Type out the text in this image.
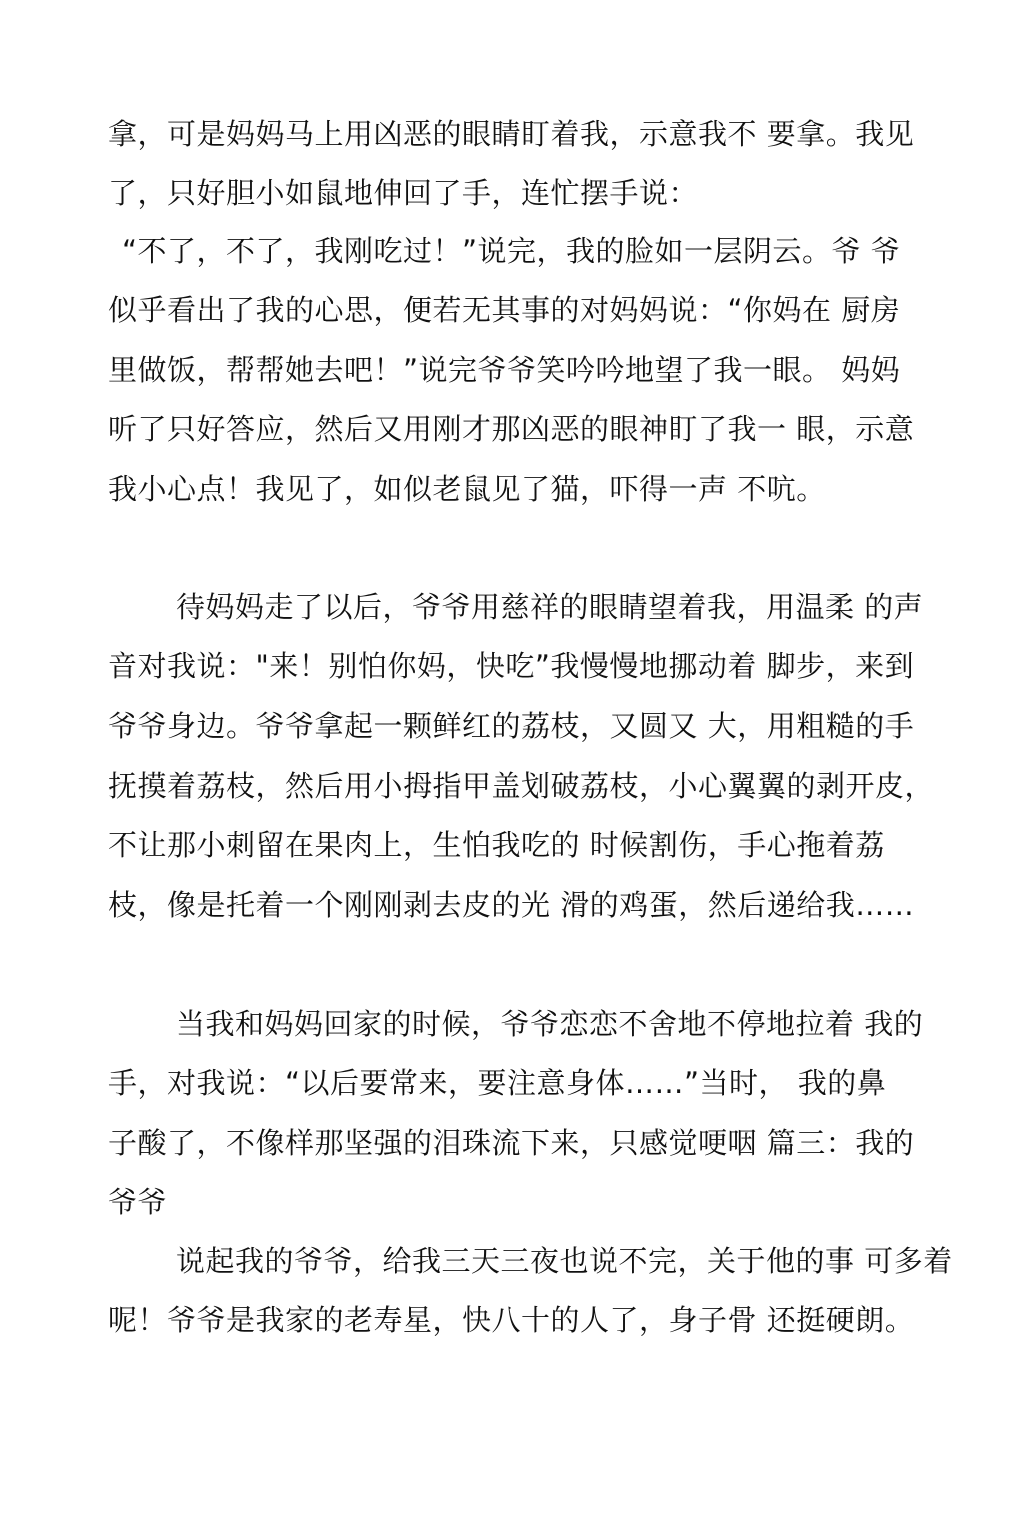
拿，可是妈妈马上用凶恶的眼睛盯着我，示意我不 要拿。我见
了，只好胆小如鼠地伸回了手，连忙摆手说：
“不了，不了，我刚吃过！”说完，我的脸如一层阴云。爷 爷
似乎看出了我的心思，便若无其事的对妈妈说：“你妈在 厨房
里做饭，帮帮她去吧！”说完爷爷笑吟吟地望了我一眼。 妈妈
听了只好答应，然后又用刚才那凶恶的眼神盯了我一 眼，示意
我小心点！我见了，如似老鼠见了猫，吓得一声 不吭。
待妈妈走了以后，爷爷用慈祥的眼睛望着我，用温柔 的声
音对我说："来！别怕你妈，快吃”我慢慢地挪动着 脚步，来到
爷爷身边。爷爷拿起一颗鲜红的荔枝，又圆又 大，用粗糙的手
抚摸着荔枝，然后用小拇指甲盖划破荔枝，小心翼翼的剥开皮，
不让那小刺留在果肉上，生怕我吃的 时候割伤，手心拖着荔
枝，像是托着一个刚刚剥去皮的光 滑的鸡蛋，然后递给我……
当我和妈妈回家的时候，爷爷恋恋不舍地不停地拉着 我的
手，对我说：“以后要常来，要注意身体……”当时， 我的鼻
子酸了，不像样那坚强的泪珠流下来，只感觉哽咽 篇三：我的
爷爷
说起我的爷爷，给我三天三夜也说不完，关于他的事 可多着
呢！爷爷是我家的老寿星，快八十的人了，身子骨 还挺硬朗。
